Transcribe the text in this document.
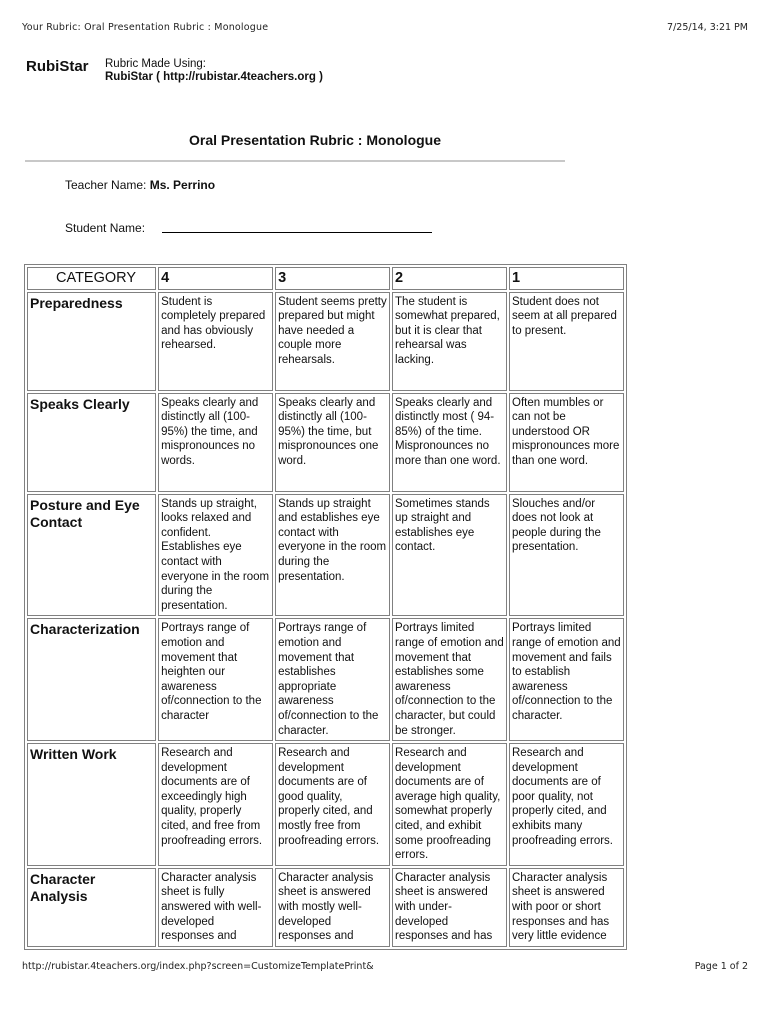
Your Rubric: Oral Presentation Rubric : Monologue	7/25/14, 3:21 PM
RubiStar Rubric Made Using:
RubiStar ( http://rubistar.4teachers.org )
Oral Presentation Rubric : Monologue
Teacher Name: Ms. Perrino
Student Name:
CATEGORY	4	3	2	1
Preparedness	Student is completely prepared and has obviously rehearsed.	Student seems pretty prepared but might have needed a couple more rehearsals.	The student is somewhat prepared, but it is clear that rehearsal was lacking.	Student does not seem at all prepared to present.
Speaks Clearly	Speaks clearly and distinctly all (100-95%) the time, and mispronounces no words.	Speaks clearly and distinctly all (100-95%) the time, but mispronounces one word.	Speaks clearly and distinctly most ( 94-85%) of the time. Mispronounces no more than one word.	Often mumbles or can not be understood OR mispronounces more than one word.
Posture and Eye Contact	Stands up straight, looks relaxed and confident. Establishes eye contact with everyone in the room during the presentation.	Stands up straight and establishes eye contact with everyone in the room during the presentation.	Sometimes stands up straight and establishes eye contact.	Slouches and/or does not look at people during the presentation.
Characterization	Portrays range of emotion and movement that heighten our awareness of/connection to the character	Portrays range of emotion and movement that establishes appropriate awareness of/connection to the character.	Portrays limited range of emotion and movement that establishes some awareness of/connection to the character, but could be stronger.	Portrays limited range of emotion and movement and fails to establish awareness of/connection to the character.
Written Work	Research and development documents are of exceedingly high quality, properly cited, and free from proofreading errors.	Research and development documents are of good quality, properly cited, and mostly free from proofreading errors.	Research and development documents are of average high quality, somewhat properly cited, and exhibit some proofreading errors.	Research and development documents are of poor quality, not properly cited, and exhibits many proofreading errors.
Character Analysis	Character analysis sheet is fully answered with well-developed responses and	Character analysis sheet is answered with mostly well-developed responses and	Character analysis sheet is answered with under-developed responses and has	Character analysis sheet is answered with poor or short responses and has very little evidence
http://rubistar.4teachers.org/index.php?screen=CustomizeTemplatePrint&	Page 1 of 2
